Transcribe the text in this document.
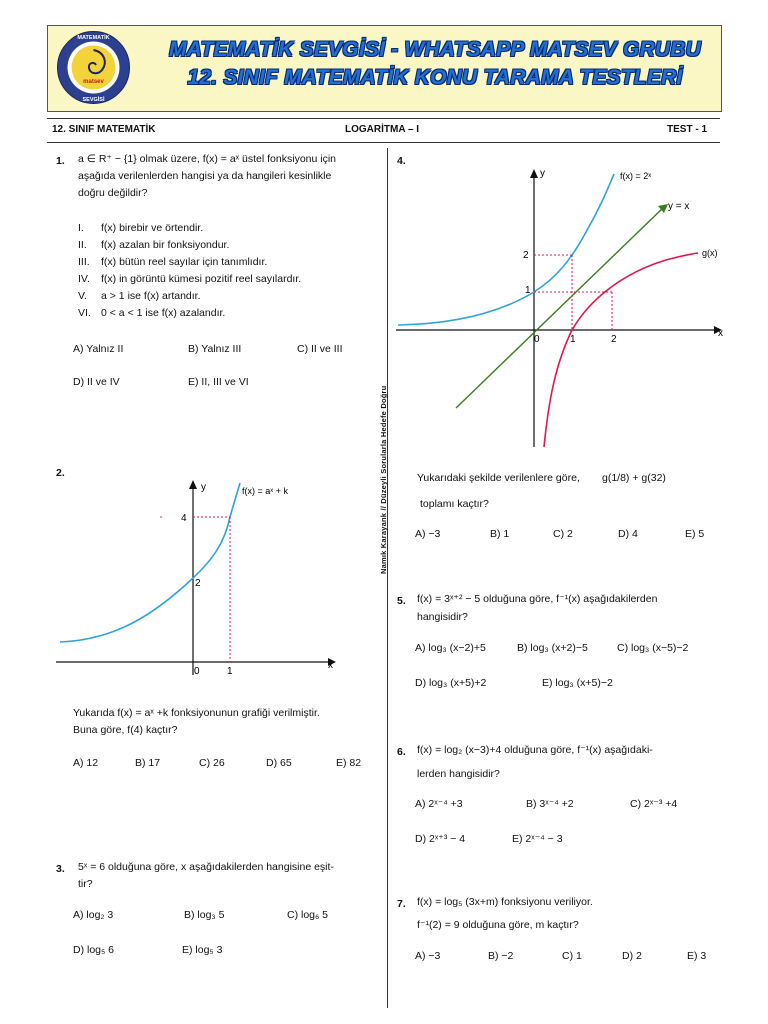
matsev
MATEMATİK
SEVGİSİ
MATEMATİK SEVGİSİ - WHATSAPP MATSEV GRUBU
12. SINIF MATEMATİK KONU TARAMA TESTLERİ
12. SINIF MATEMATİK	LOGARİTMA – I	TEST - 1
Namık Karayank // Düzeyli Sorularla Hedefe Doğru
1. a ∈ R⁺ − {1} olmak üzere, f(x) = aˣ üstel fonksiyonu için
aşağıda verilenlerden hangisi ya da hangileri kesinlikle
doğru değildir?
I. f(x) birebir ve örtendir.
II. f(x) azalan bir fonksiyondur.
III. f(x) bütün reel sayılar için tanımlıdır.
IV. f(x) in görüntü kümesi pozitif reel sayılardır.
V. a > 1 ise f(x) artandır.
VI. 0 < a < 1 ise f(x) azalandır.
A) Yalnız II	B) Yalnız III	C) II ve III
D) II ve IV	E) II, III ve VI
2.
y
x
f(x) = aˣ + k
4
2
0	1
Yukarıda f(x) = aˣ +k fonksiyonunun grafiği verilmiştir.
Buna göre, f(4) kaçtır?
A) 12	B) 17	C) 26	D) 65	E) 82
3. 5ˣ = 6 olduğuna göre, x aşağıdakilerden hangisine eşit-
tir?
A) log₂ 3	B) log₃ 5	C) log₆ 5
D) log₅ 6	E) log₅ 3
4.
y
x
f(x) = 2ˣ
y = x
g(x)
2
1
0	1	2
Yukarıdaki şekilde verilenlere göre, g(1/8) + g(32)
toplamı kaçtır?
A) −3	B) 1	C) 2	D) 4	E) 5
5. f(x) = 3ˣ⁺² − 5 olduğuna göre, f⁻¹(x) aşağıdakilerden
hangisidir?
A) log₃ (x−2)+5	B) log₃ (x+2)−5	C) log₃ (x−5)−2
D) log₃ (x+5)+2	E) log₃ (x+5)−2
6. f(x) = log₂ (x−3)+4 olduğuna göre, f⁻¹(x) aşağıdaki-
lerden hangisidir?
A) 2ˣ⁻⁴ +3	B) 3ˣ⁻⁴ +2	C) 2ˣ⁻³ +4
D) 2ˣ⁺³ − 4	E) 2ˣ⁻⁴ − 3
7. f(x) = log₅ (3x+m) fonksiyonu veriliyor.
f⁻¹(2) = 9 olduğuna göre, m kaçtır?
A) −3	B) −2	C) 1	D) 2	E) 3
